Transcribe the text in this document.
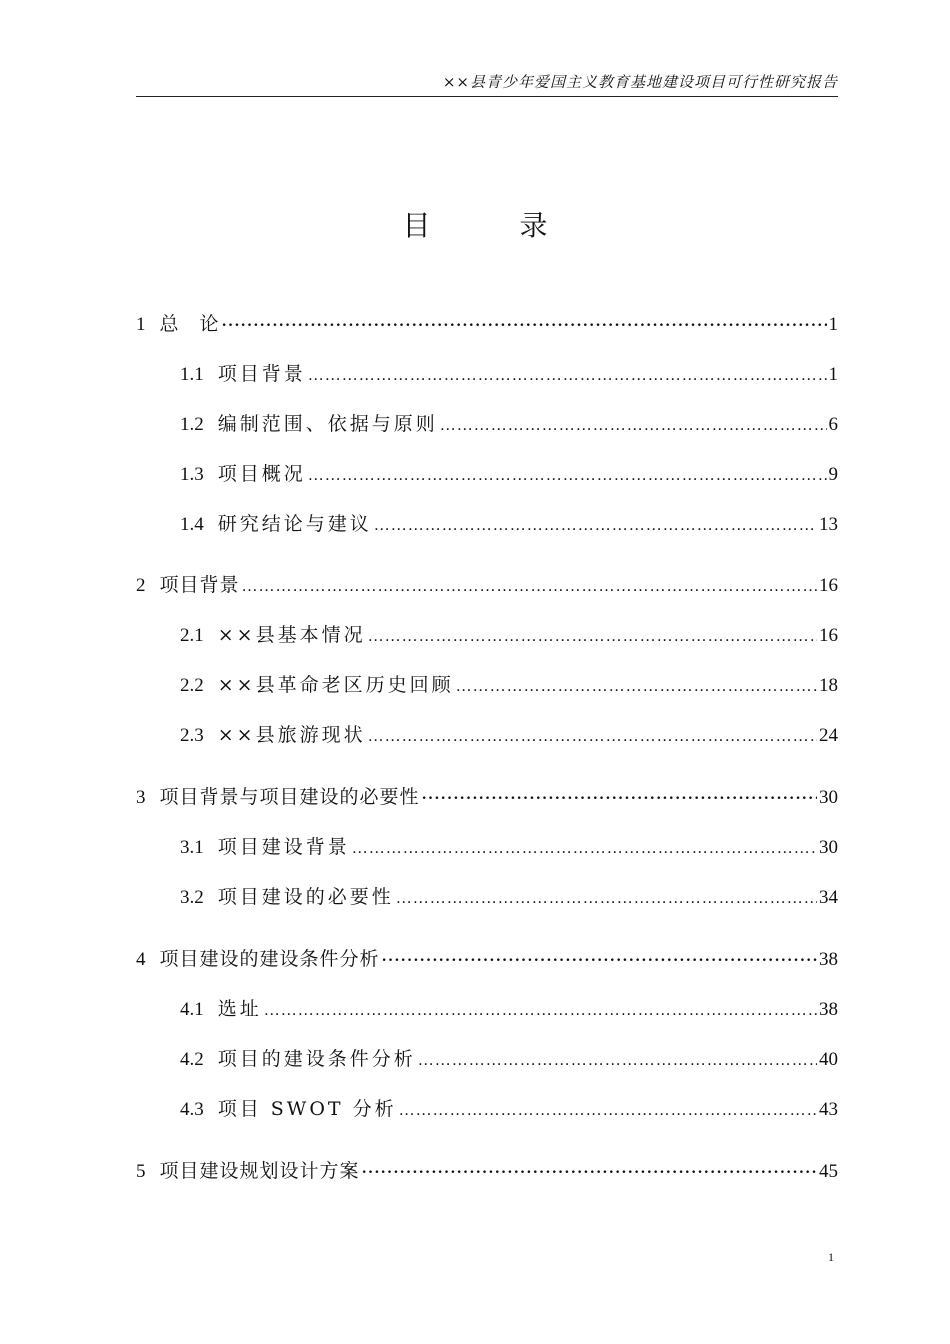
××县青少年爱国主义教育基地建设项目可行性研究报告
目 录
1 总　论 ·····	1
1.1 项目背景 …………………………………………………………………………………………………………………………………………………………………………	1
1.2 编制范围、依据与原则 …………………………………………………………………………………………………………………………………………………………………………	6
1.3 项目概况 …………………………………………………………………………………………………………………………………………………………………………	9
1.4 研究结论与建议 …………………………………………………………………………………………………………………………………………………………………………	13
2 项目背景 …………………………………………………………………………………………………………………………………………………………………………	16
2.1 ××县基本情况 …………………………………………………………………………………………………………………………………………………………………………	16
2.2 ××县革命老区历史回顾 …………………………………………………………………………………………………………………………………………………………………………	18
2.3 ××县旅游现状 …………………………………………………………………………………………………………………………………………………………………………	24
3 项目背景与项目建设的必要性 ·····	30
3.1 项目建设背景 …………………………………………………………………………………………………………………………………………………………………………	30
3.2 项目建设的必要性 …………………………………………………………………………………………………………………………………………………………………………	34
4 项目建设的建设条件分析 ·····	38
4.1 选址 …………………………………………………………………………………………………………………………………………………………………………	38
4.2 项目的建设条件分析 …………………………………………………………………………………………………………………………………………………………………………	40
4.3 项目 SWOT 分析 …………………………………………………………………………………………………………………………………………………………………………	43
5 项目建设规划设计方案 ·····	45
1
